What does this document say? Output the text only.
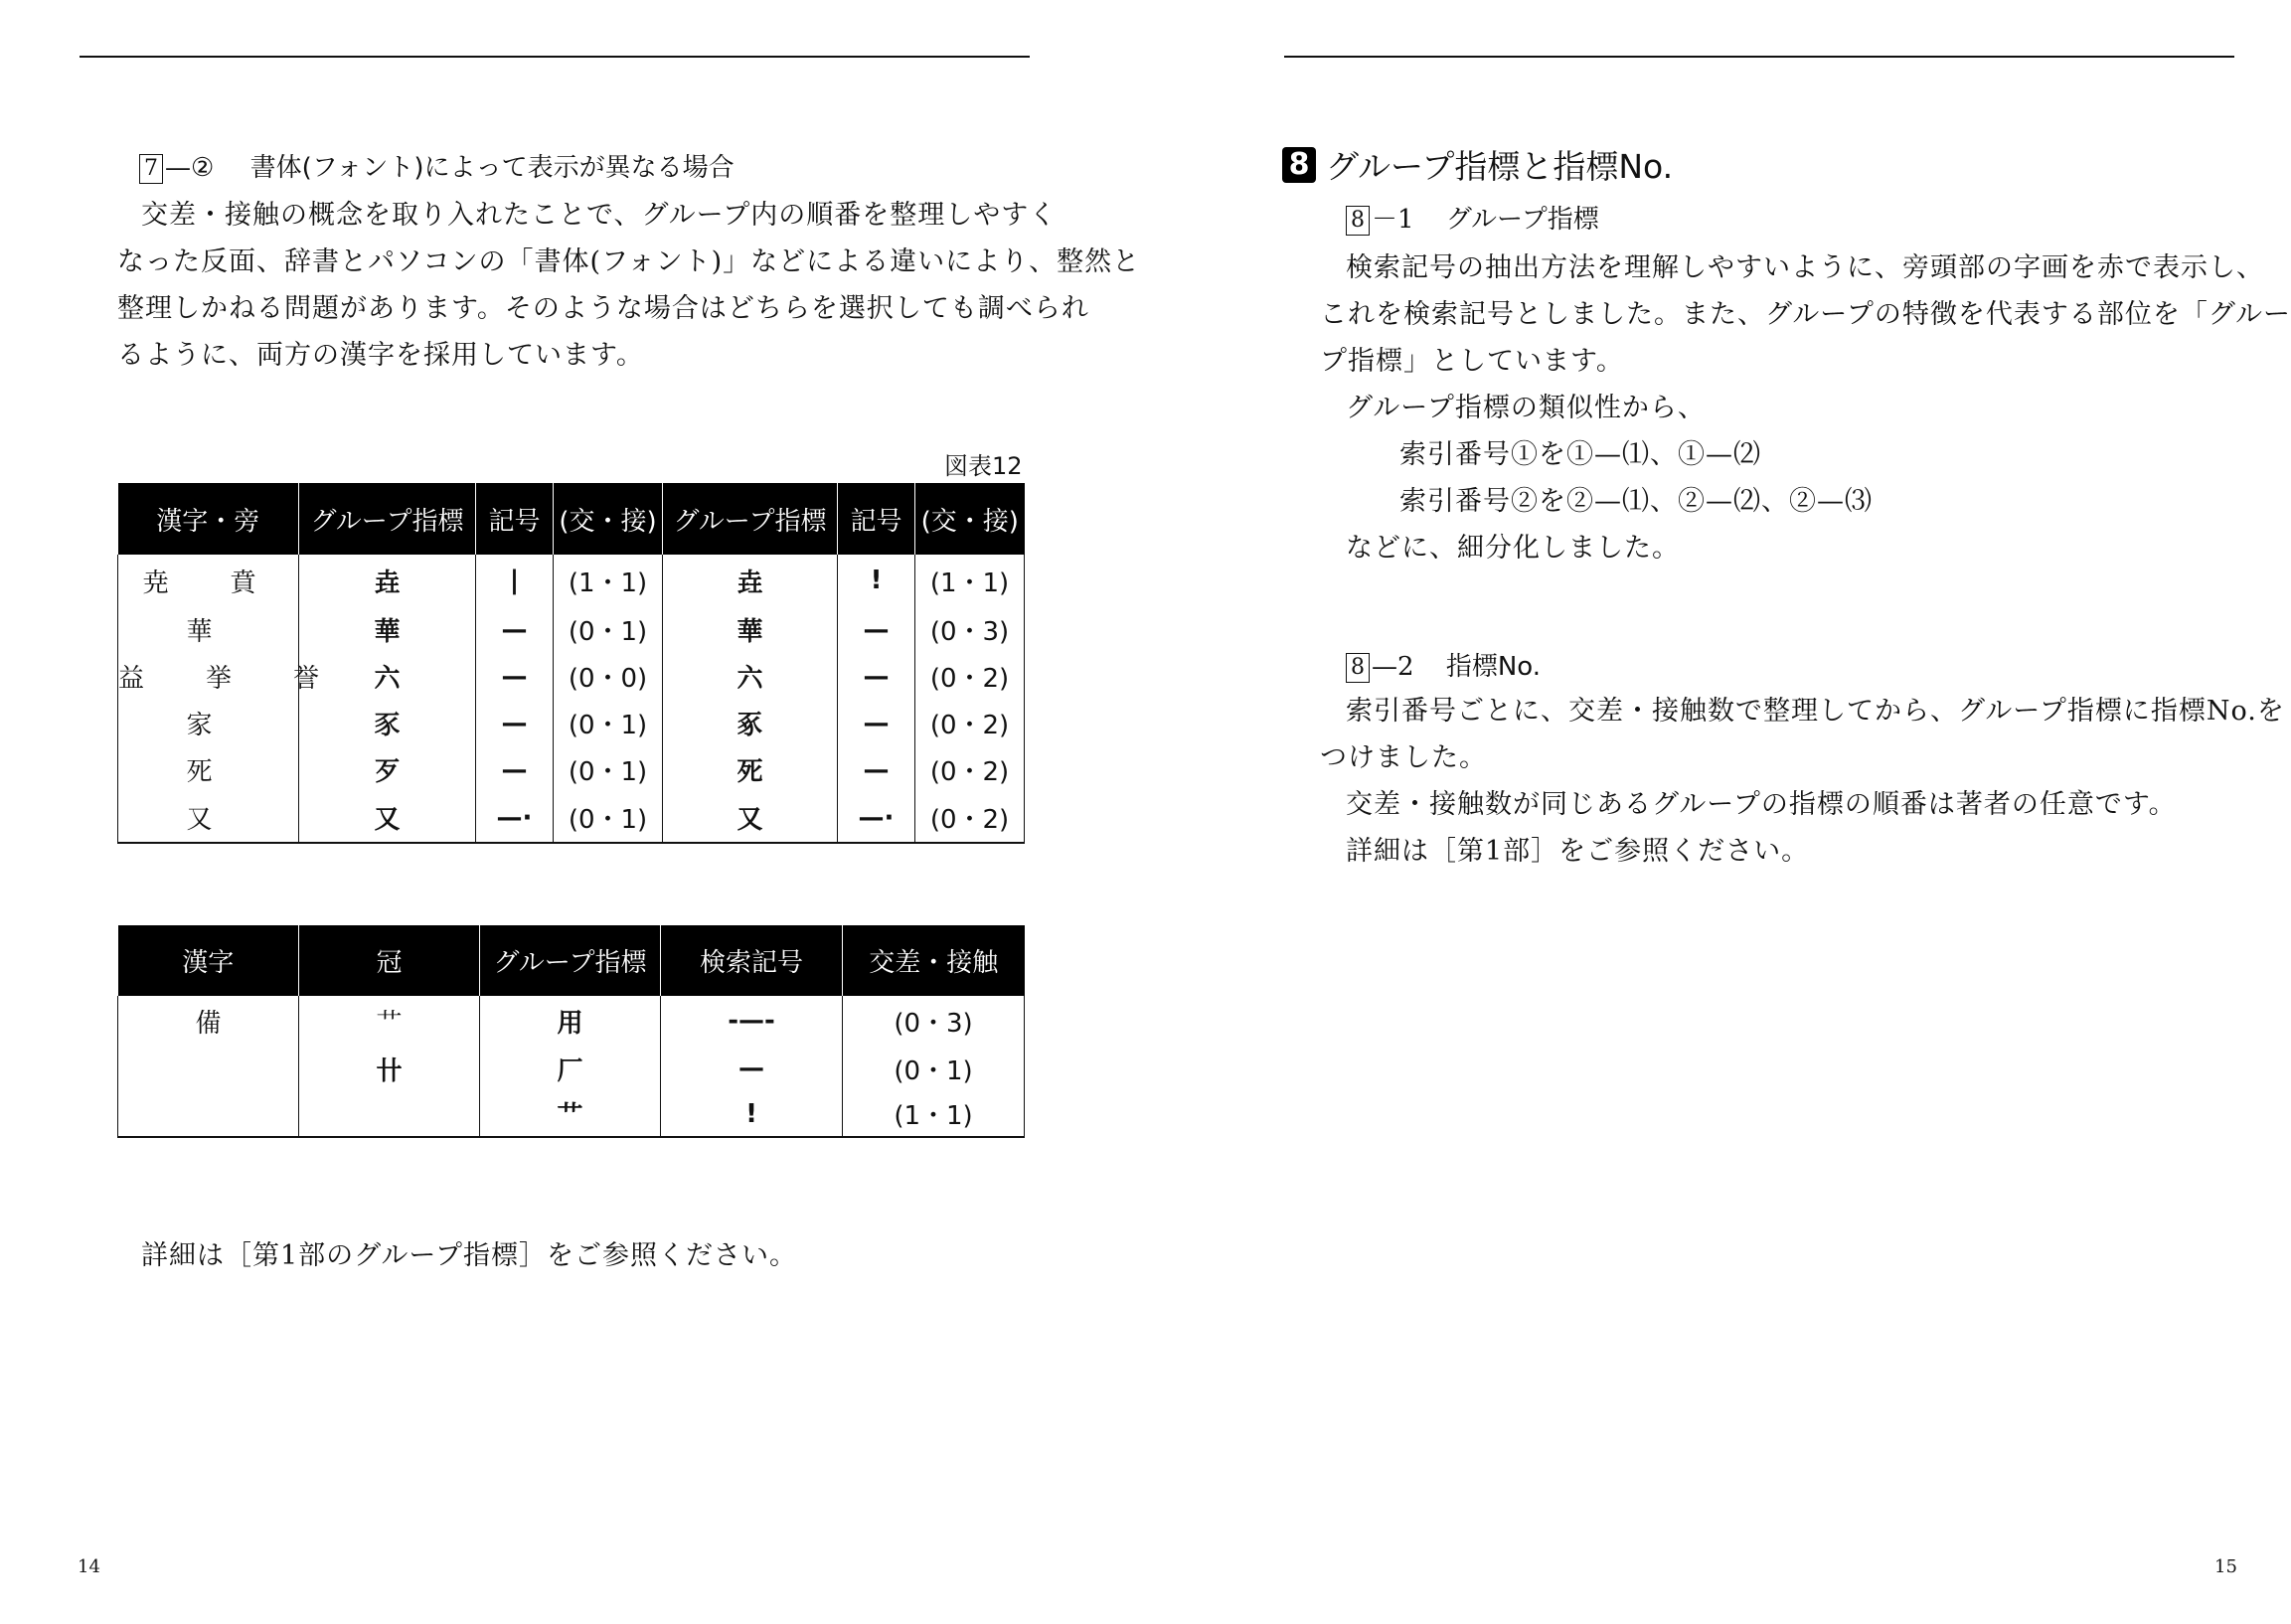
7 —② 書体(フォント)によって表示が異なる場合
交差・接触の概念を取り入れたことで、グループ内の順番を整理しやすく
なった反面、辞書とパソコンの「書体(フォント)」などによる違いにより、整然と
整理しかねる問題があります。そのような場合はどちらを選択しても調べられ
るように、両方の漢字を採用しています。
図表12
漢字・旁	グループ指標	記号	(交・接)	グループ指標	記号	(交・接)
尭　賁	垚	|	(1・1)	垚	!	(1・1)
華	華	—	(0・1)	華	—	(0・3)
益　挙　誉	六	—	(0・0)	六	—	(0・2)
家	豕	—	(0・1)	豖	—	(0・2)
死	歹	—	(0・1)	死	—	(0・2)
又	又	—·	(0・1)	又	—·	(0・2)
漢字	冠	グループ指標	検索記号	交差・接触
備	艹	用	-—-	(0・3)
	卄	厂	—	(0・1)
		艹	!	(1・1)
詳細は［第1部のグループ指標］をご参照ください。
14
8 グループ指標と指標No.
8 －1 グループ指標
検索記号の抽出方法を理解しやすいように、旁頭部の字画を赤で表示し、
これを検索記号としました。また、グループの特徴を代表する部位を「グルー
プ指標」としています。
グループ指標の類似性から、
索引番号①を①—⑴、①—⑵
索引番号②を②—⑴、②—⑵、②—⑶
などに、細分化しました。
8 —2 指標No.
索引番号ごとに、交差・接触数で整理してから、グループ指標に指標No.を
つけました。
交差・接触数が同じあるグループの指標の順番は著者の任意です。
詳細は［第1部］をご参照ください。
15
